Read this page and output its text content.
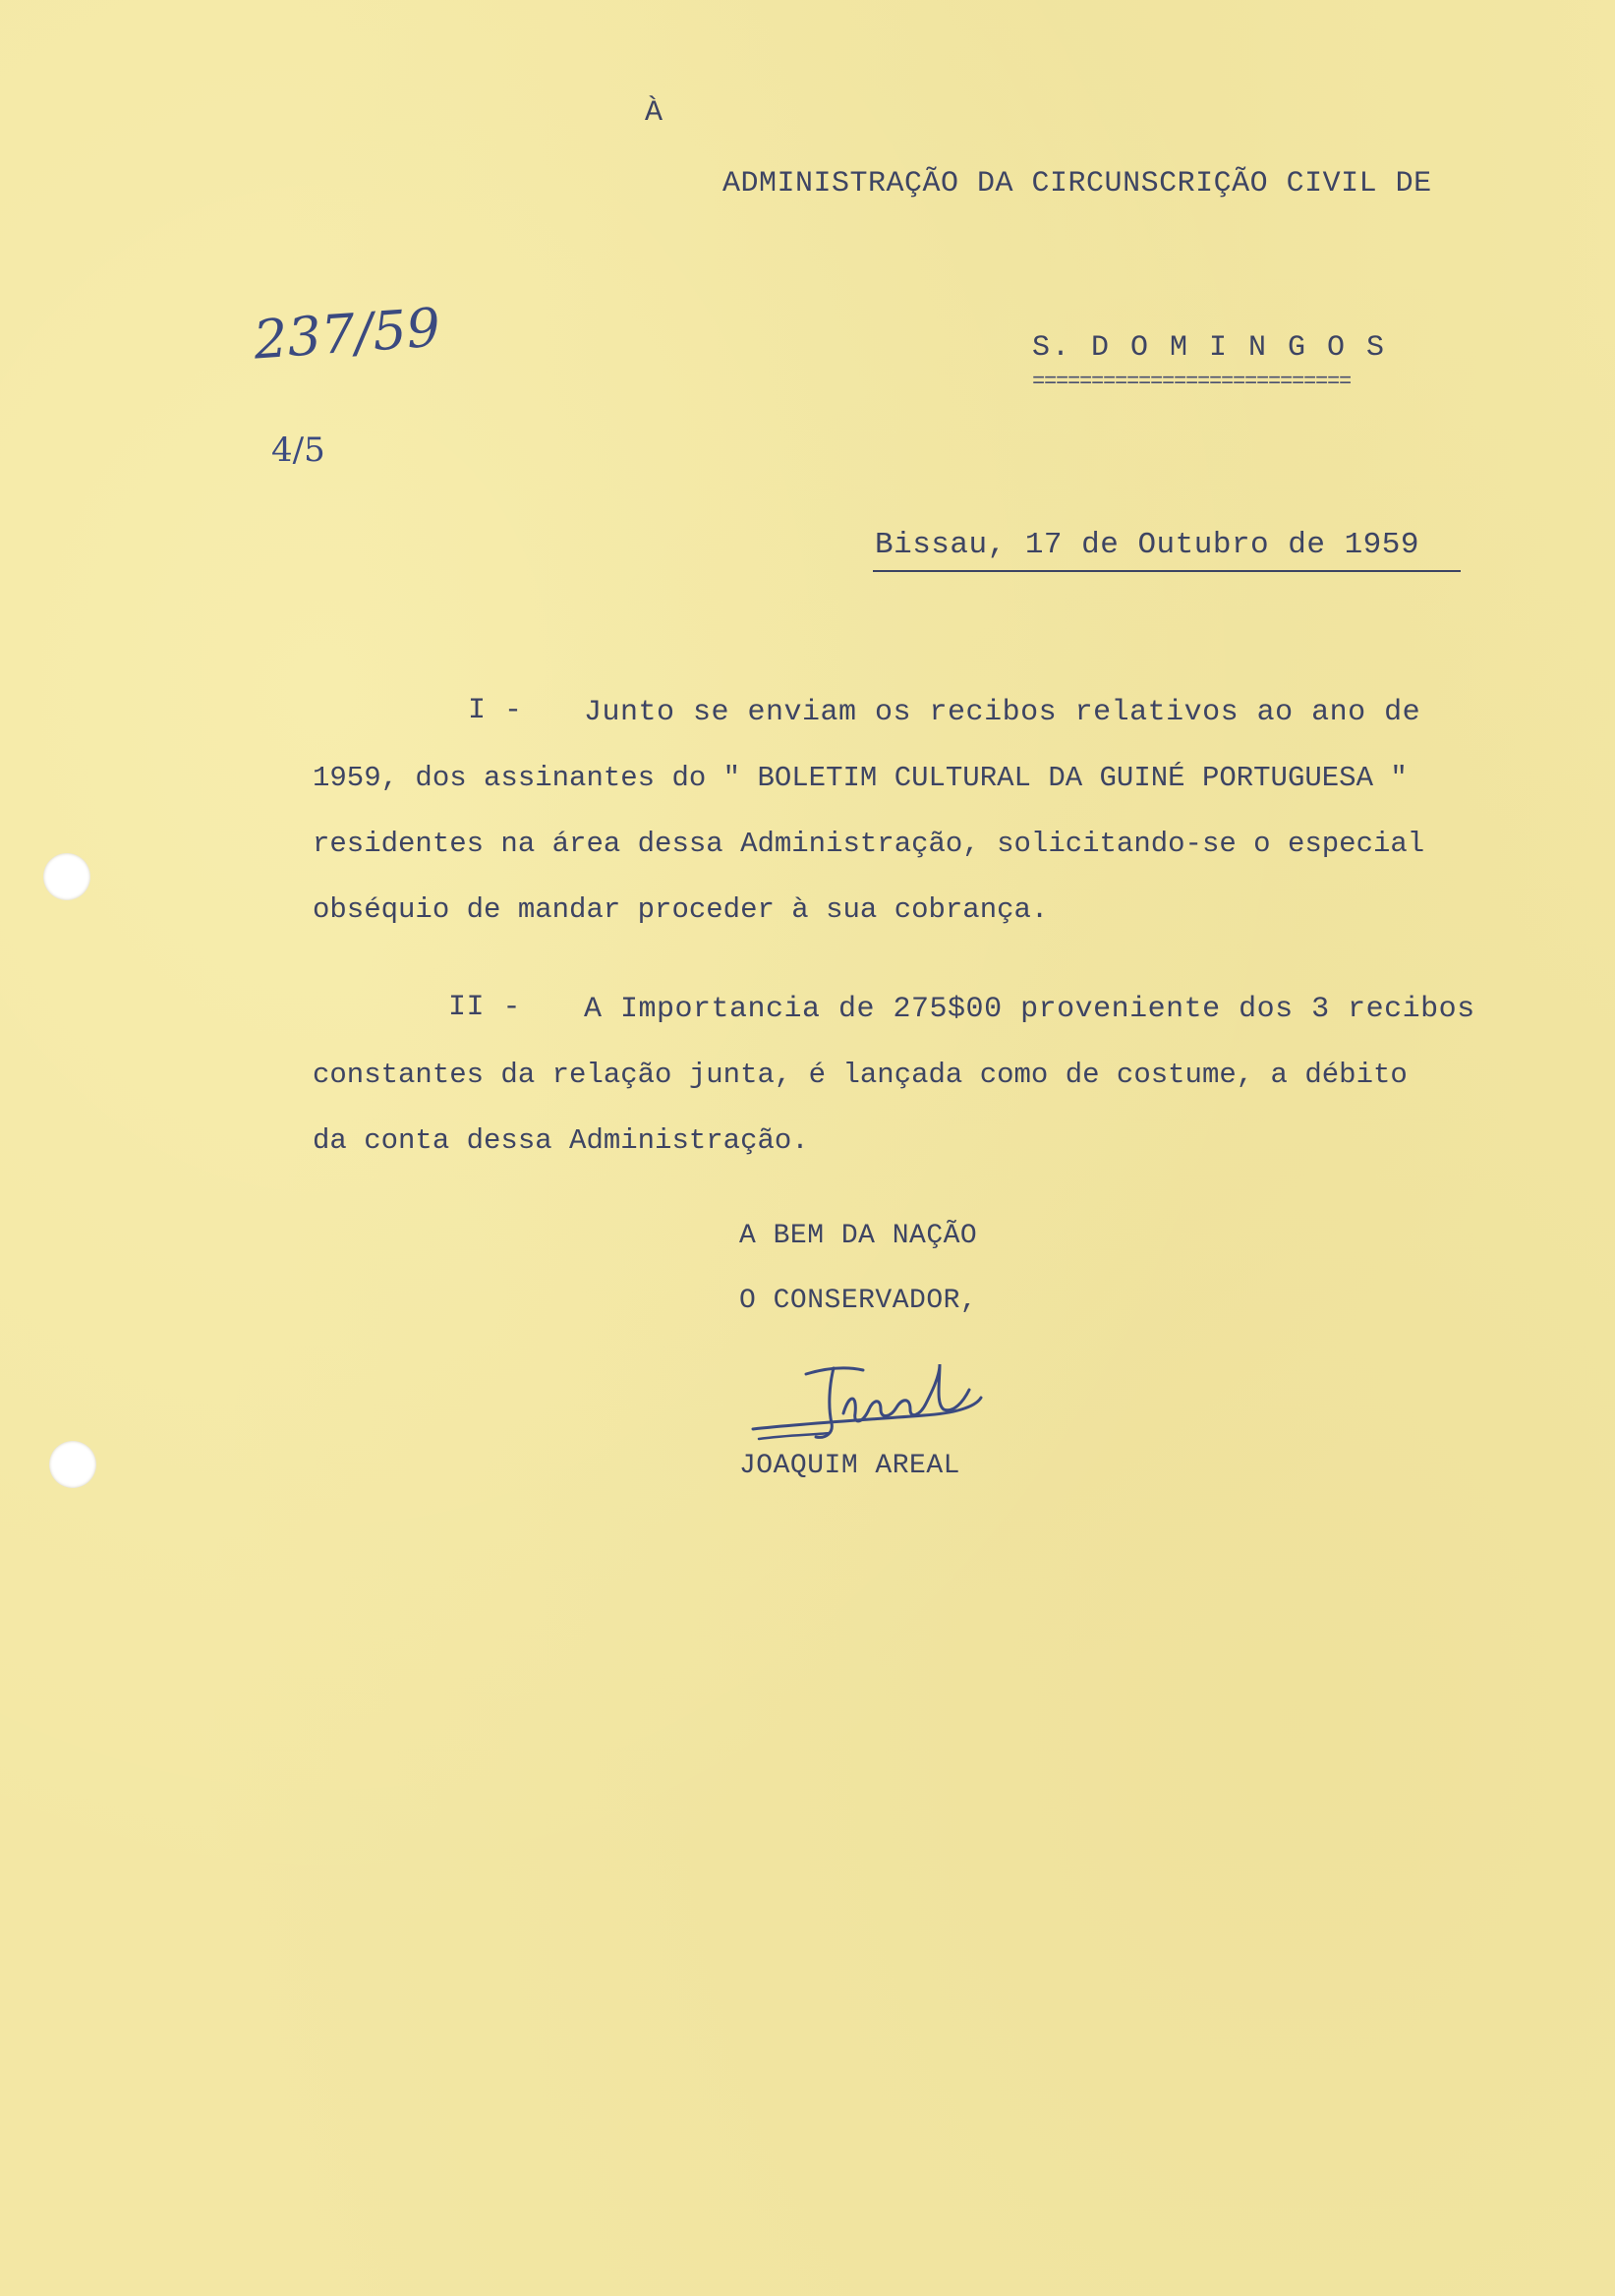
À
ADMINISTRAÇÃO DA CIRCUNSCRIÇÃO CIVIL DE
237/59
4/5
S. D O M I N G O S
===========================
Bissau, 17 de Outubro de 1959
I - Junto se enviam os recibos relativos ao ano de
1959, dos assinantes do " BOLETIM CULTURAL DA GUINÉ PORTUGUESA "
residentes na área dessa Administração, solicitando-se o especial
obséquio de mandar proceder à sua cobrança.
II - A Importancia de 275$00 proveniente dos 3 recibos
constantes da relação junta, é lançada como de costume, a débito
da conta dessa Administração.
A BEM DA NAÇÃO
O CONSERVADOR,
JOAQUIM AREAL
